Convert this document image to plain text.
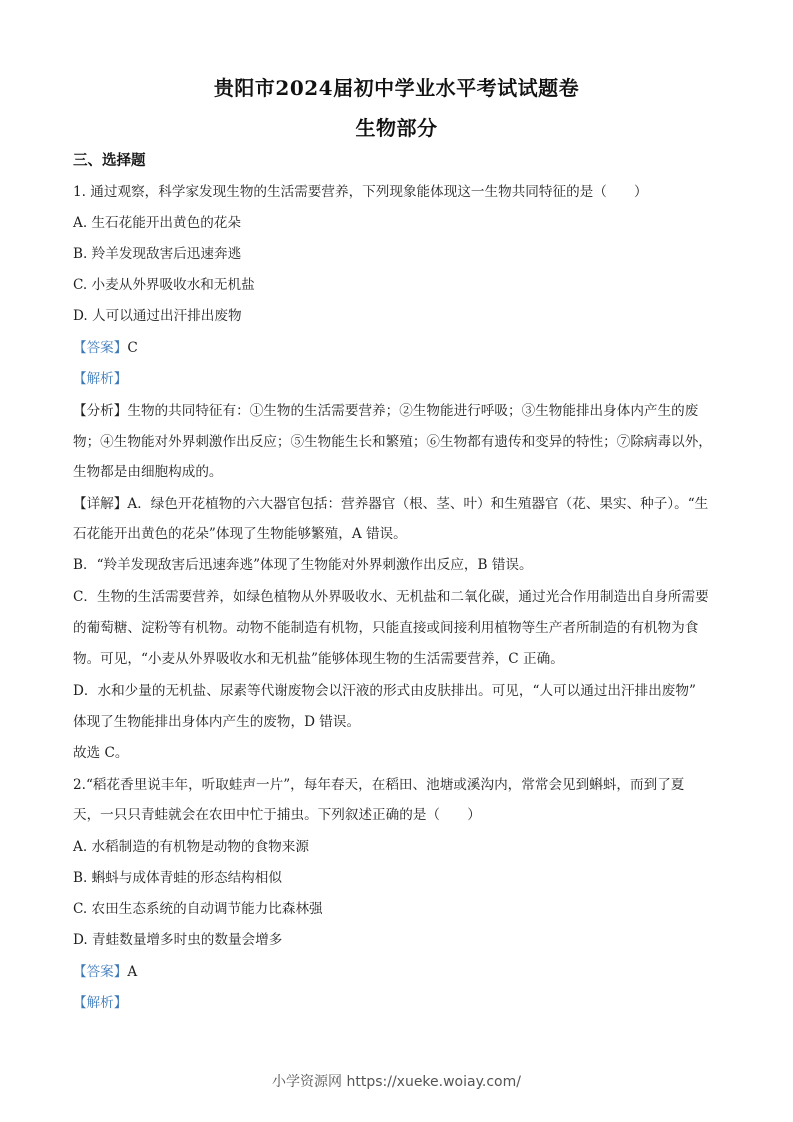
贵阳市2024届初中学业水平考试试题卷
生物部分
三、选择题
1. 通过观察，科学家发现生物的生活需要营养，下列现象能体现这一生物共同特征的是（　　）
A. 生石花能开出黄色的花朵
B. 羚羊发现敌害后迅速奔逃
C. 小麦从外界吸收水和无机盐
D. 人可以通过出汗排出废物
【答案】C
【解析】
【分析】生物的共同特征有：①生物的生活需要营养；②生物能进行呼吸；③生物能排出身体内产生的废
物；④生物能对外界刺激作出反应；⑤生物能生长和繁殖；⑥生物都有遗传和变异的特性；⑦除病毒以外，
生物都是由细胞构成的。
【详解】A．绿色开花植物的六大器官包括：营养器官（根、茎、叶）和生殖器官（花、果实、种子）。“生
石花能开出黄色的花朵”体现了生物能够繁殖，A 错误。
B．“羚羊发现敌害后迅速奔逃”体现了生物能对外界刺激作出反应，B 错误。
C．生物的生活需要营养，如绿色植物从外界吸收水、无机盐和二氧化碳，通过光合作用制造出自身所需要
的葡萄糖、淀粉等有机物。动物不能制造有机物，只能直接或间接利用植物等生产者所制造的有机物为食
物。可见，“小麦从外界吸收水和无机盐”能够体现生物的生活需要营养，C 正确。
D．水和少量的无机盐、尿素等代谢废物会以汗液的形式由皮肤排出。可见，“人可以通过出汗排出废物”
体现了生物能排出身体内产生的废物，D 错误。
故选 C。
2.“稻花香里说丰年，听取蛙声一片”，每年春天，在稻田、池塘或溪沟内，常常会见到蝌蚪，而到了夏
天，一只只青蛙就会在农田中忙于捕虫。下列叙述正确的是（　　）
A. 水稻制造的有机物是动物的食物来源
B. 蝌蚪与成体青蛙的形态结构相似
C. 农田生态系统的自动调节能力比森林强
D. 青蛙数量增多时虫的数量会增多
【答案】A
【解析】
小学资源网 https://xueke.woiay.com/
